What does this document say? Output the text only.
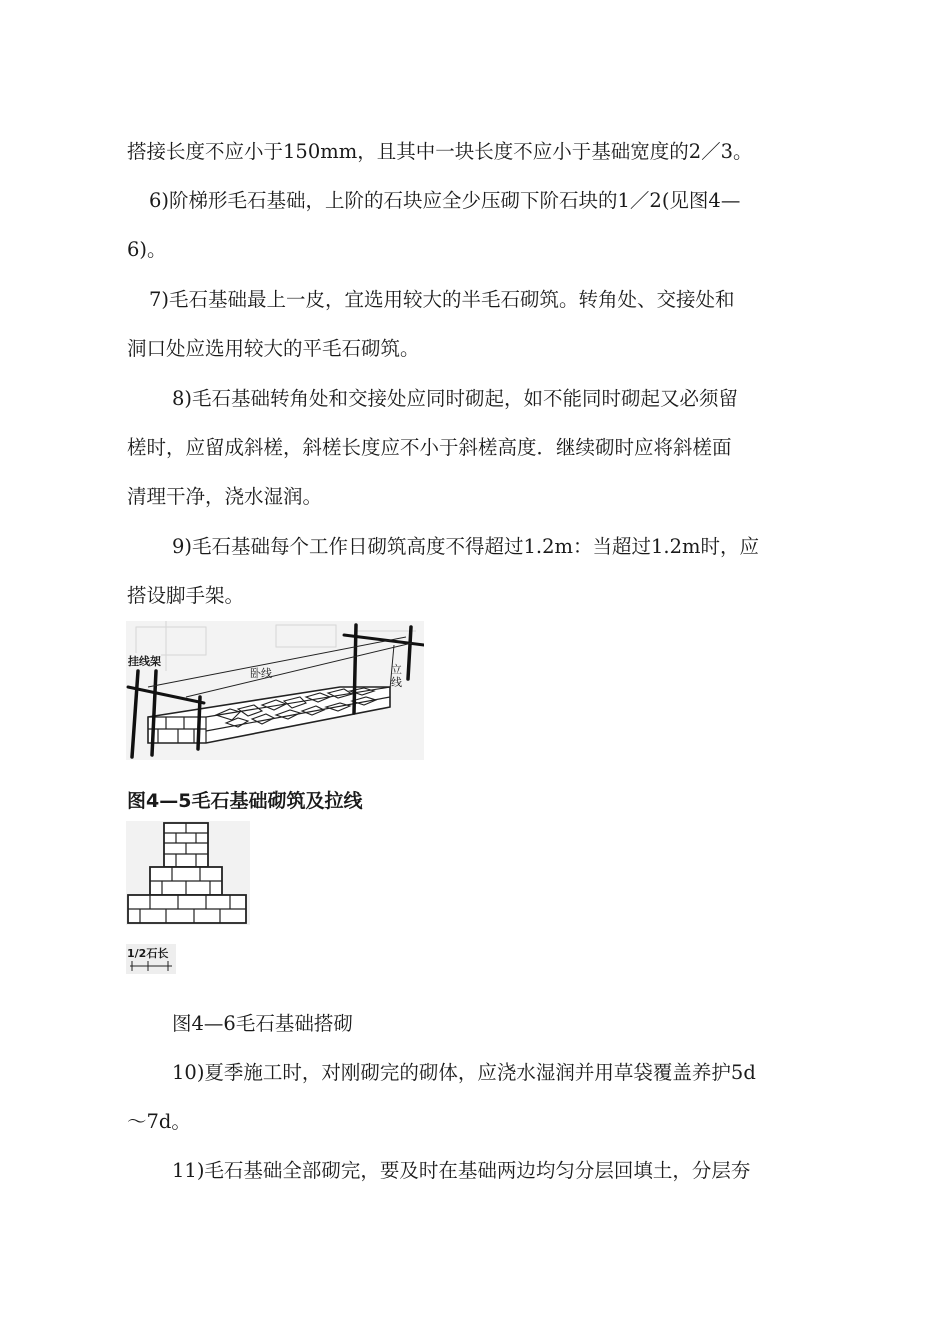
搭接长度不应小于150mm，且其中一块长度不应小于基础宽度的2／3。
6)阶梯形毛石基础，上阶的石块应全少压砌下阶石块的1／2(见图4—
6)。
7)毛石基础最上一皮，宜选用较大的半毛石砌筑。转角处、交接处和
洞口处应选用较大的平毛石砌筑。
8)毛石基础转角处和交接处应同时砌起，如不能同时砌起又必须留
槎时，应留成斜槎，斜槎长度应不小于斜槎高度．继续砌时应将斜槎面
清理干净，浇水湿润。
9)毛石基础每个工作日砌筑高度不得超过1.2m：当超过1.2m时，应
搭设脚手架。
挂线架
卧线	立线
图4—5毛石基础砌筑及拉线
1/2石长
图4—6毛石基础搭砌
10)夏季施工时，对刚砌完的砌体，应浇水湿润并用草袋覆盖养护5d
～7d。
11)毛石基础全部砌完，要及时在基础两边均匀分层回填土，分层夯
